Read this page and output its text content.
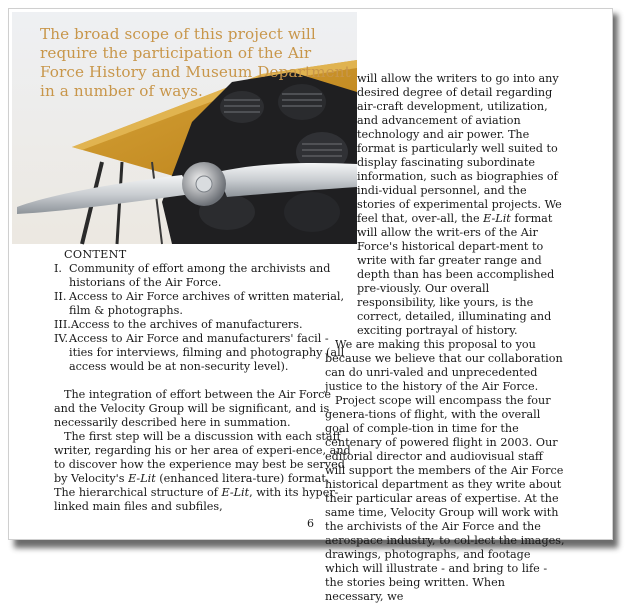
The broad scope of this project will require the participation of the Air Force History and Museum Department in a number of ways.

CONTENT
I. Community of effort among the archivists and historians of the Air Force.
II. Access to Air Force archives of written material, film & photographs.
III. Access to the archives of manufacturers.
IV. Access to Air Force and manufacturers' facil - ities for interviews, filming and photography (all access would be at non-security level).

The integration of effort between the Air Force and the Velocity Group will be significant, and is necessarily described here in summation.

The first step will be a discussion with each staff writer, regarding his or her area of experi-ence, and to discover how the experience may best be served by Velocity's E-Lit (enhanced litera-ture) format. The hierarchical structure of E-Lit, with its hyper-linked main files and subfiles,

will allow the writers to go into any desired degree of detail regarding air-craft development, utilization, and advancement of aviation technology and air power. The format is particularly well suited to display fascinating subordinate information, such as biographies of indi-vidual personnel, and the stories of experimental projects. We feel that, over-all, the E-Lit format will allow the writ-ers of the Air Force's historical depart-ment to write with far greater range and depth than has been accomplished pre-viously. Our overall responsibility, like yours, is the correct, detailed, illuminating and exciting portrayal of history.

We are making this proposal to you because we believe that our collaboration can do unri-valed and unprecedented justice to the history of the Air Force.

Project scope will encompass the four genera-tions of flight, with the overall goal of comple-tion in time for the centenary of powered flight in 2003. Our editorial director and audiovisual staff will support the members of the Air Force historical department as they write about their particular areas of expertise. At the same time, Velocity Group will work with the archivists of the Air Force and the aerospace industry, to col-lect the images, drawings, photographs, and footage which will illustrate - and bring to life - the stories being written. When necessary, we

6
